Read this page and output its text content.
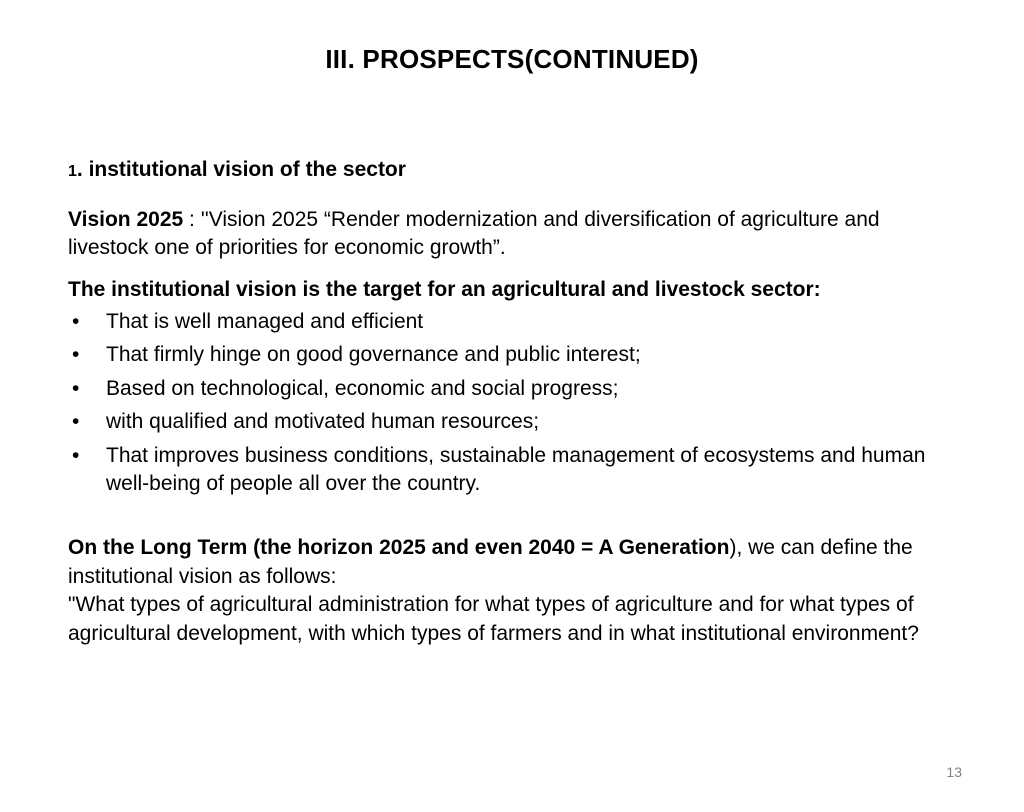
III. PROSPECTS(CONTINUED)
1. institutional vision of the sector
Vision 2025 : ''Vision 2025 “Render modernization and diversification of agriculture and livestock one of priorities for economic growth”.
The institutional vision is the target for an agricultural and livestock sector:
• That is well managed and efficient
• That firmly hinge on good governance and public interest;
• Based on technological, economic and social progress;
• with qualified and motivated human resources;
• That improves business conditions, sustainable management of ecosystems and human well-being of people all over the country.
On the Long Term (the horizon 2025 and even 2040 = A Generation), we can define the institutional vision as follows:
"What types of agricultural administration for what types of agriculture and for what types of agricultural development, with which types of farmers and in what institutional environment?
13
